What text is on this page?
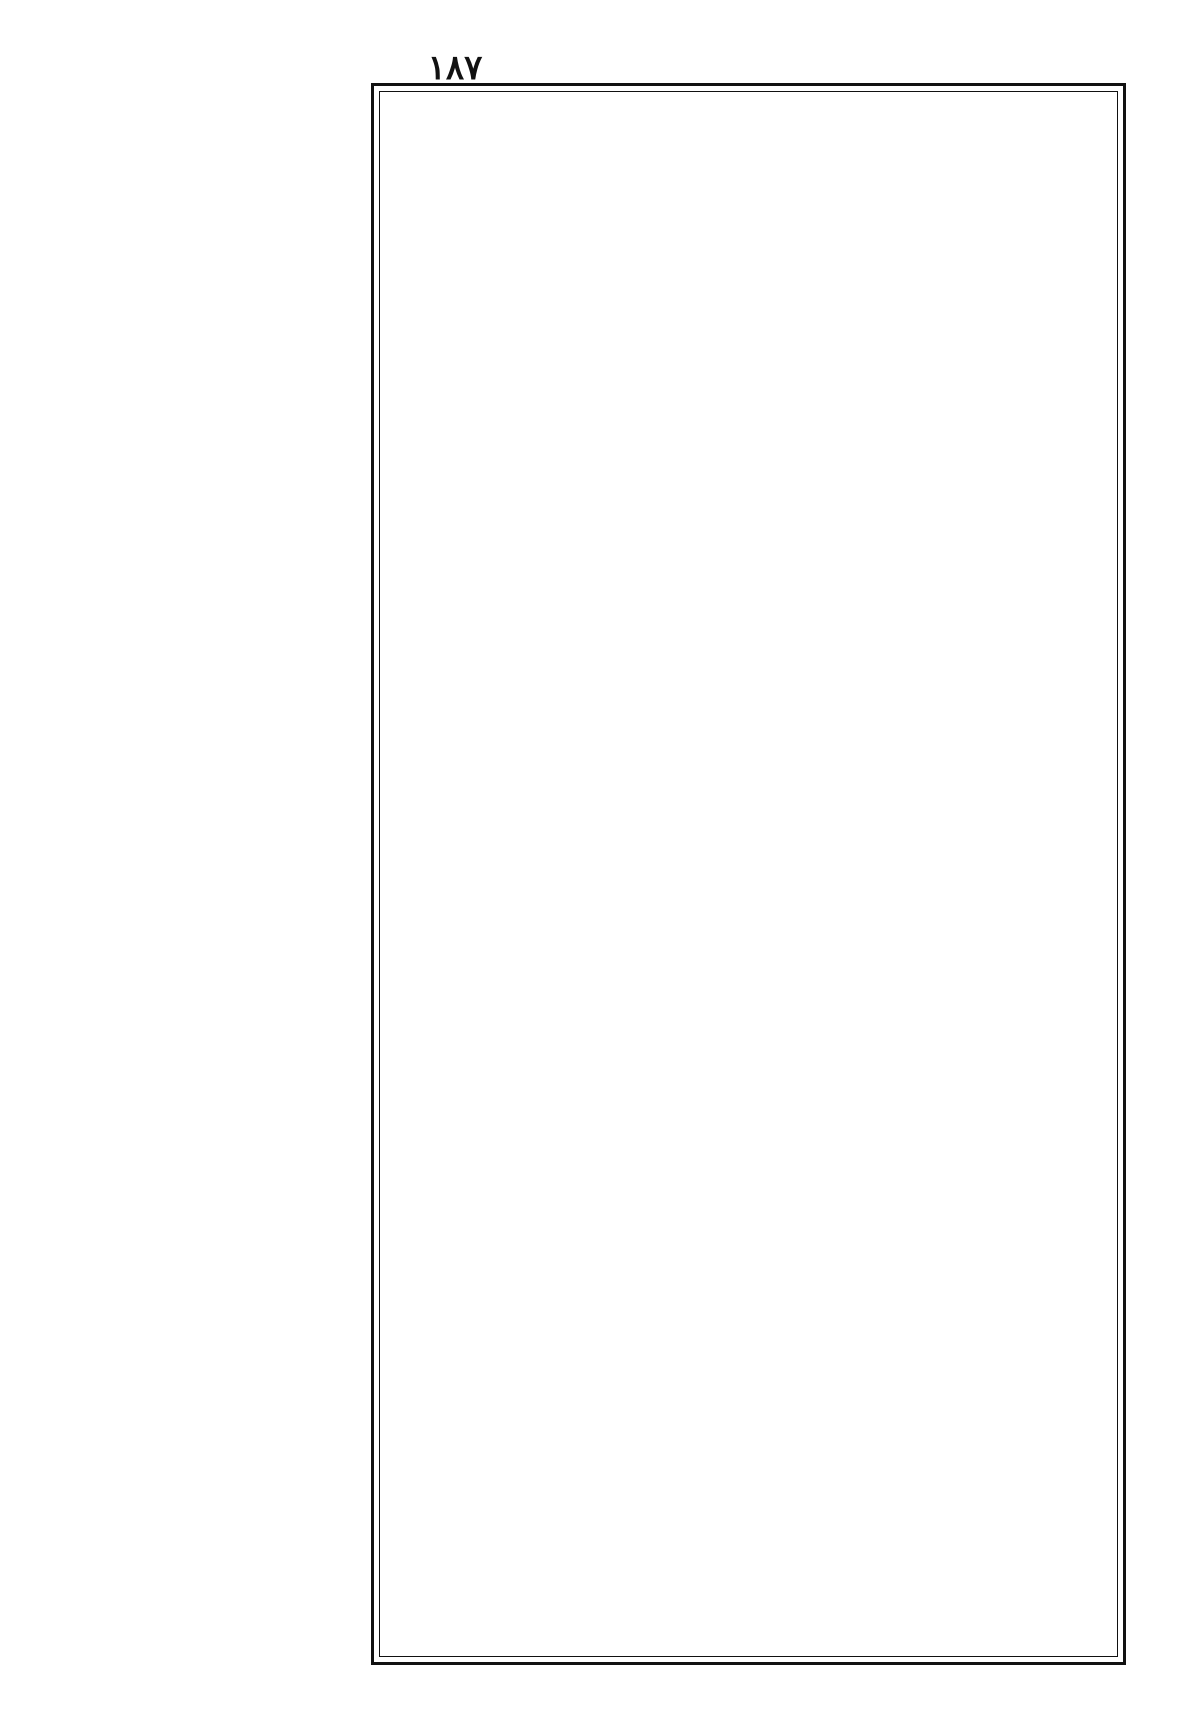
١٨٧
